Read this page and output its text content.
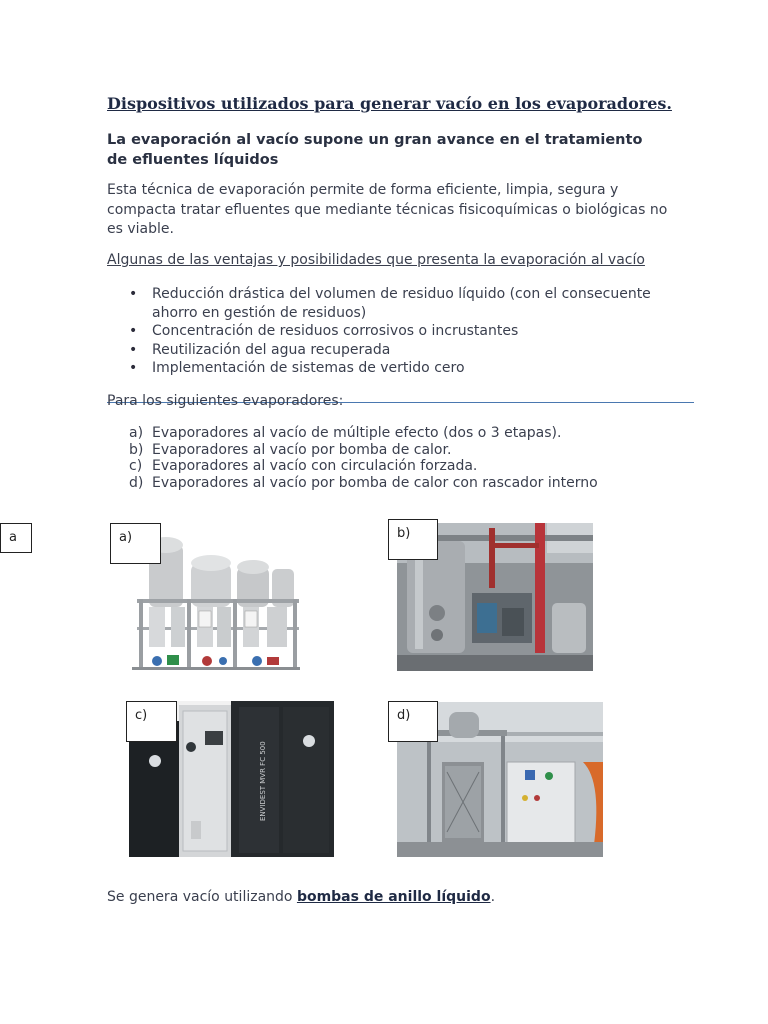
Dispositivos utilizados para generar vacío en los evaporadores.
La evaporación al vacío supone un gran avance en el tratamiento de efluentes líquidos
Esta técnica de evaporación permite de forma eficiente, limpia, segura y compacta tratar efluentes que mediante técnicas fisicoquímicas o biológicas no es viable.
Algunas de las ventajas y posibilidades que presenta la evaporación al vacío
• Reducción drástica del volumen de residuo líquido (con el consecuente ahorro en gestión de residuos)
• Concentración de residuos corrosivos o incrustantes
• Reutilización del agua recuperada
• Implementación de sistemas de vertido cero
Para los siguientes evaporadores:
a) Evaporadores al vacío de múltiple efecto (dos o 3 etapas).
b) Evaporadores al vacío por bomba de calor.
c) Evaporadores al vacío con circulación forzada.
d) Evaporadores al vacío por bomba de calor con rascador interno
a	a)	b)
ENVIDEST MVR FC 500
c)	d)
Se genera vacío utilizando bombas de anillo líquido.
